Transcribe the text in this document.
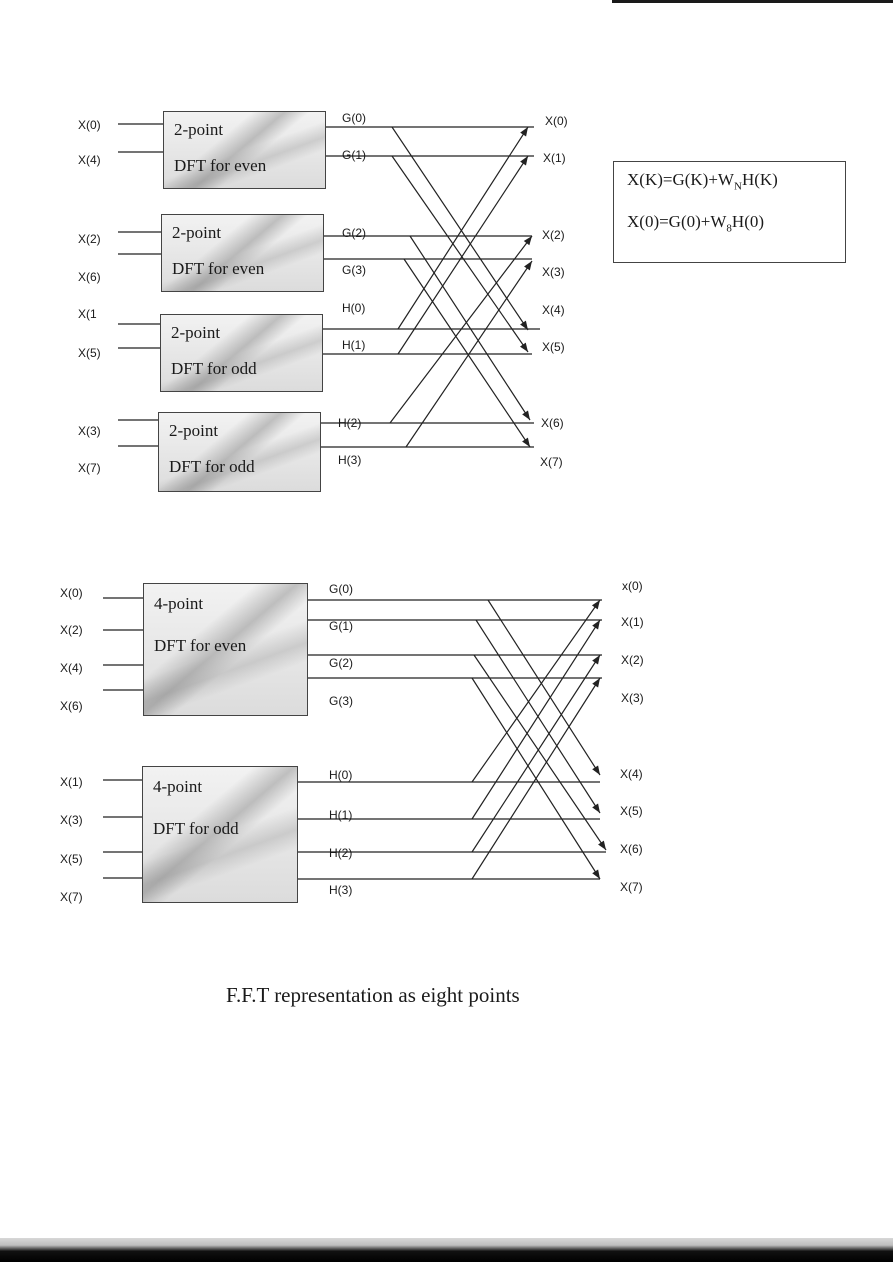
X(0)
X(4)
X(2)
X(6)
X(1
X(5)
X(3)
X(7)
2-point
DFT for even
2-point
DFT for even
2-point
DFT for odd
2-point
DFT for odd
G(0)
G(1)
G(2)
G(3)
H(0)
H(1)
H(2)
H(3)
X(0)
X(1)
X(2)
X(3)
X(4)
X(5)
X(6)
X(7)
$X(K)=G(K)+W_NH(K)$
$X(0)=G(0)+W_8H(0)$
X(0)
X(2)
X(4)
X(6)
X(1)
X(3)
X(5)
X(7)
4-point
DFT for even
4-point
DFT for odd
G(0)
G(1)
G(2)
G(3)
H(0)
H(1)
H(2)
H(3)
x(0)
X(1)
X(2)
X(3)
X(4)
X(5)
X(6)
X(7)
F.F.T representation as eight points
